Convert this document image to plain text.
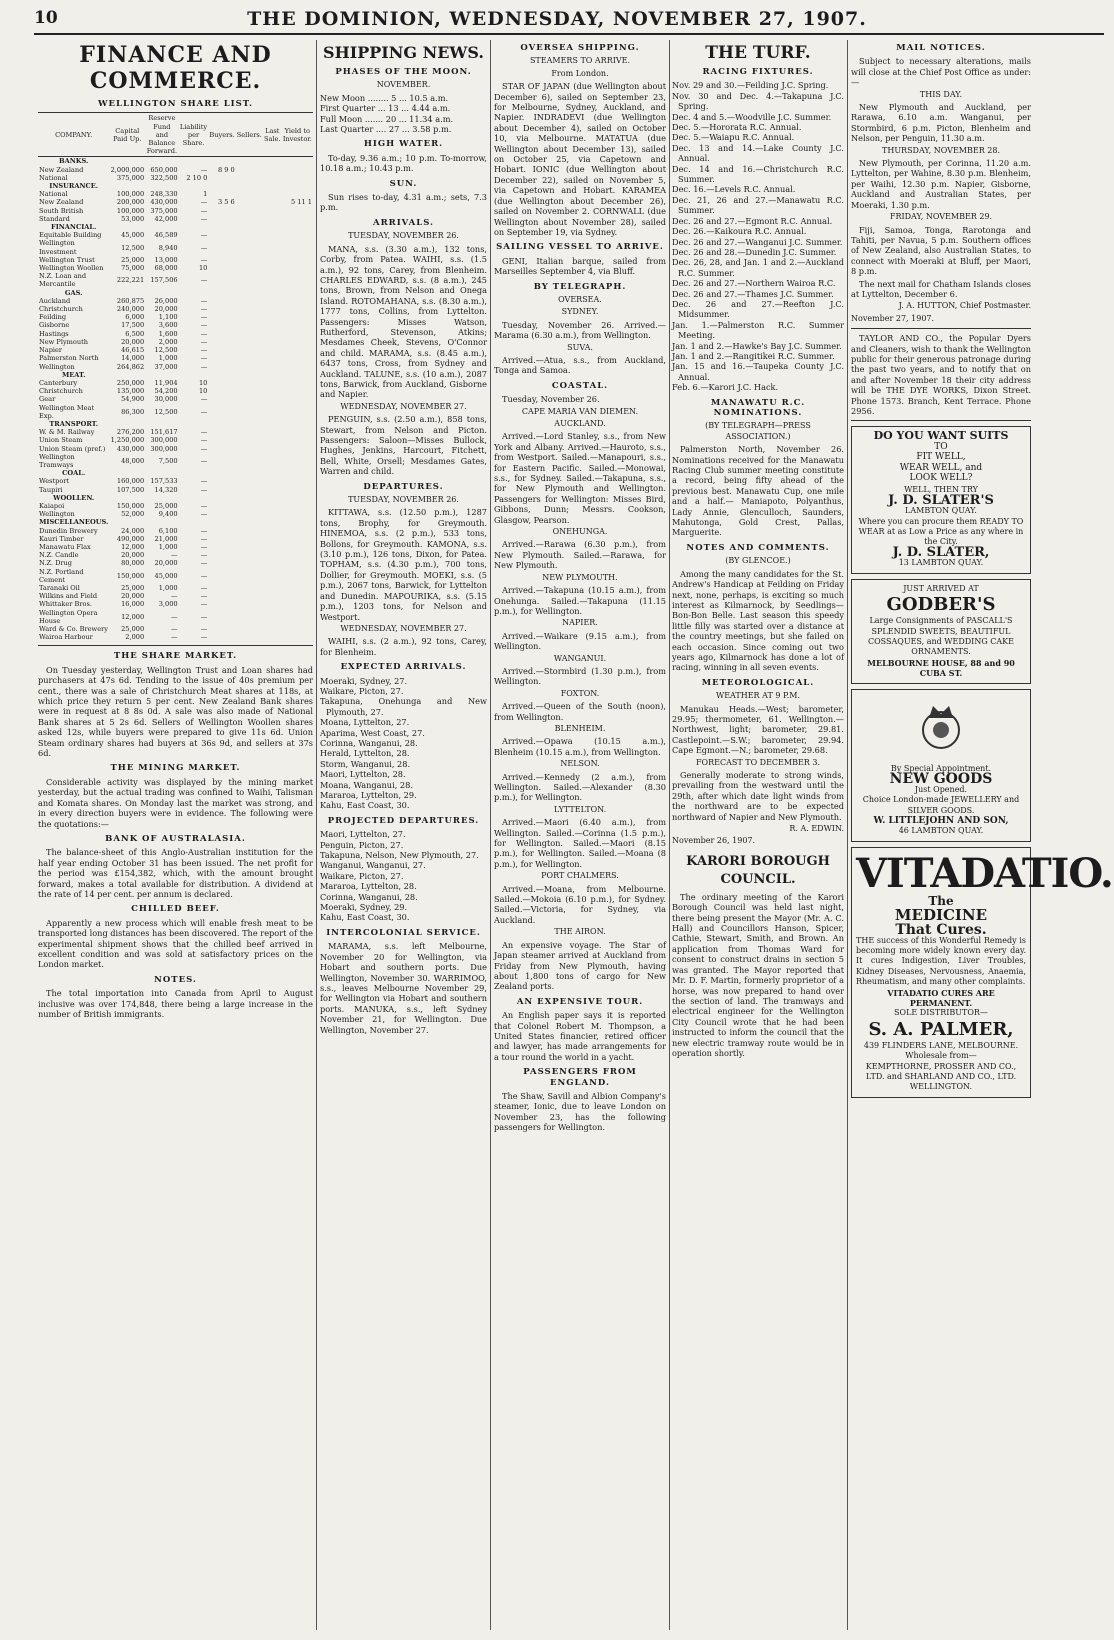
10	THE DOMINION, WEDNESDAY, NOVEMBER 27, 1907.
FINANCE AND COMMERCE.
WELLINGTON SHARE LIST.
COMPANY.	Capital Paid Up.	Reserve Fund and Balance Forward.	Liability per Share.	Buyers.	Sellers.	Last Sale.	Yield to Investor.
BANKS.							
New Zealand	2,000,000	650,000	—	8 9 0			
National	375,000	322,500	2 10 0				
INSURANCE.							
National	100,000	248,330	1				
New Zealand	200,000	430,000	—	3 5 6			5 11 1
South British	100,000	375,000	—				
Standard	53,000	42,000	—				
FINANCIAL.							
Equitable Building	45,000	46,589	—				
Wellington Investment	12,500	8,940	—				
Wellington Trust	25,000	13,000	—				
Wellington Woollen	75,000	68,000	10				
N.Z. Loan and Mercantile	222,221	157,506	—				
GAS.							
Auckland	260,875	26,000	—				
Christchurch	240,000	20,000	—				
Feilding	6,000	1,100	—				
Gisborne	17,500	3,600	—				
Hastings	6,500	1,600	—				
New Plymouth	20,000	2,000	—				
Napier	46,615	12,500	—				
Palmerston North	14,000	1,000	—				
Wellington	264,862	37,000	—				
MEAT.							
Canterbury	250,000	11,904	10				
Christchurch	135,000	54,200	10				
Gear	54,900	30,000	—				
Wellington Meat Exp.	86,300	12,500	—				
TRANSPORT.							
W. & M. Railway	276,200	151,617	—				
Union Steam	1,250,000	300,000	—				
Union Steam (pref.)	430,000	300,000	—				
Wellington Tramways	48,000	7,500	—				
COAL.							
Westport	160,000	157,533	—				
Taupiri	107,500	14,320	—				
WOOLLEN.							
Kaiapoi	150,000	25,000	—				
Wellington	52,000	9,400	—				
MISCELLANEOUS.							
Dunedin Brewery	24,000	6,100	—				
Kauri Timber	490,000	21,000	—				
Manawatu Flax	12,000	1,000	—				
N.Z. Candle	20,000	—	—				
N.Z. Drug	80,000	20,000	—				
N.Z. Portland Cement	150,000	45,000	—				
Taranaki Oil	25,000	1,000	—				
Wilkins and Field	20,000	—	—				
Whittaker Bros.	16,000	3,000	—				
Wellington Opera House	12,000	—	—				
Ward & Co. Brewery	25,000	—	—				
Wairoa Harbour	2,000	—	—				
THE SHARE MARKET.

On Tuesday yesterday, Wellington Trust and Loan shares had purchasers at 47s 6d. Tending to the issue of 40s premium per cent., there was a sale of Christchurch Meat shares at 118s, at which price they return 5 per cent. New Zealand Bank shares were in request at 8 8s 0d. A sale was also made of National Bank shares at 5 2s 6d. Sellers of Wellington Woollen shares asked 12s, while buyers were prepared to give 11s 6d. Union Steam ordinary shares had buyers at 36s 9d, and sellers at 37s 6d.

THE MINING MARKET.

Considerable activity was displayed by the mining market yesterday, but the actual trading was confined to Waihi, Talisman and Komata shares. On Monday last the market was strong, and in every direction buyers were in evidence. The following were the quotations:—

BANK OF AUSTRALASIA.

The balance-sheet of this Anglo-Australian institution for the half year ending October 31 has been issued. The net profit for the period was £154,382, which, with the amount brought forward, makes a total available for distribution. A dividend at the rate of 14 per cent. per annum is declared.

CHILLED BEEF.

Apparently a new process which will enable fresh meat to be transported long distances has been discovered. The report of the experimental shipment shows that the chilled beef arrived in excellent condition and was sold at satisfactory prices on the London market.

NOTES.

The total importation into Canada from April to August inclusive was over 174,848, there being a large increase in the number of British immigrants.

SHIPPING NEWS.
PHASES OF THE MOON.
NOVEMBER.
New Moon ........ 5 ... 10.5 a.m.
First Quarter ... 13 ... 4.44 a.m.
Full Moon ....... 20 ... 11.34 a.m.
Last Quarter .... 27 ... 3.58 p.m.
HIGH WATER.

To-day, 9.36 a.m.; 10 p.m. To-morrow, 10.18 a.m.; 10.43 p.m.

SUN.

Sun rises to-day, 4.31 a.m.; sets, 7.3 p.m.

ARRIVALS.
TUESDAY, NOVEMBER 26.

MANA, s.s. (3.30 a.m.), 132 tons, Corby, from Patea. WAIHI, s.s. (1.5 a.m.), 92 tons, Carey, from Blenheim. CHARLES EDWARD, s.s. (8 a.m.), 245 tons, Brown, from Nelson and Onega Island. ROTOMAHANA, s.s. (8.30 a.m.), 1777 tons, Collins, from Lyttelton. Passengers: Misses Watson, Rutherford, Stevenson, Atkins; Mesdames Cheek, Stevens, O'Connor and child. MARAMA, s.s. (8.45 a.m.), 6437 tons, Cross, from Sydney and Auckland. TALUNE, s.s. (10 a.m.), 2087 tons, Barwick, from Auckland, Gisborne and Napier.

WEDNESDAY, NOVEMBER 27.

PENGUIN, s.s. (2.50 a.m.), 858 tons, Stewart, from Nelson and Picton. Passengers: Saloon—Misses Bullock, Hughes, Jenkins, Harcourt, Fitchett, Bell, White, Orsell; Mesdames Gates, Warren and child.

DEPARTURES.
TUESDAY, NOVEMBER 26.

KITTAWA, s.s. (12.50 p.m.), 1287 tons, Brophy, for Greymouth. HINEMOA, s.s. (2 p.m.), 533 tons, Bollons, for Greymouth. KAMONA, s.s. (3.10 p.m.), 126 tons, Dixon, for Patea. TOPHAM, s.s. (4.30 p.m.), 700 tons, Dollier, for Greymouth. MOEKI, s.s. (5 p.m.), 2067 tons, Barwick, for Lyttelton and Dunedin. MAPOURIKA, s.s. (5.15 p.m.), 1203 tons, for Nelson and Westport.

WEDNESDAY, NOVEMBER 27.

WAIHI, s.s. (2 a.m.), 92 tons, Carey, for Blenheim.

EXPECTED ARRIVALS.
Moeraki, Sydney, 27.
Waikare, Picton, 27.
Takapuna, Onehunga and New Plymouth, 27.
Moana, Lyttelton, 27.
Aparima, West Coast, 27.
Corinna, Wanganui, 28.
Herald, Lyttelton, 28.
Storm, Wanganui, 28.
Maori, Lyttelton, 28.
Moana, Wanganui, 28.
Mararoa, Lyttelton, 29.
Kahu, East Coast, 30.
PROJECTED DEPARTURES.
Maori, Lyttelton, 27.
Penguin, Picton, 27.
Takapuna, Nelson, New Plymouth, 27.
Wanganui, Wanganui, 27.
Waikare, Picton, 27.
Mararoa, Lyttelton, 28.
Corinna, Wanganui, 28.
Moeraki, Sydney, 29.
Kahu, East Coast, 30.
INTERCOLONIAL SERVICE.

MARAMA, s.s. left Melbourne, November 20 for Wellington, via Hobart and southern ports. Due Wellington, November 30. WARRIMOO, s.s., leaves Melbourne November 29, for Wellington via Hobart and southern ports. MANUKA, s.s., left Sydney November 21, for Wellington. Due Wellington, November 27.

OVERSEA SHIPPING.
STEAMERS TO ARRIVE.
From London.

STAR OF JAPAN (due Wellington about December 6), sailed on September 23, for Melbourne, Sydney, Auckland, and Napier. INDRADEVI (due Wellington about December 4), sailed on October 10, via Melbourne. MATATUA (due Wellington about December 13), sailed on October 25, via Capetown and Hobart. IONIC (due Wellington about December 22), sailed on November 5, via Capetown and Hobart. KARAMEA (due Wellington about December 26), sailed on November 2. CORNWALL (due Wellington about November 28), sailed on September 19, via Sydney.

SAILING VESSEL TO ARRIVE.

GENI, Italian barque, sailed from Marseilles September 4, via Bluff.

BY TELEGRAPH.
OVERSEA.
SYDNEY.

Tuesday, November 26. Arrived.—Marama (6.30 a.m.), from Wellington.

SUVA.

Arrived.—Atua, s.s., from Auckland, Tonga and Samoa.

COASTAL.

Tuesday, November 26.

CAPE MARIA VAN DIEMEN.
AUCKLAND.

Arrived.—Lord Stanley, s.s., from New York and Albany. Arrived.—Hauroto, s.s., from Westport. Sailed.—Manapouri, s.s., for Eastern Pacific. Sailed.—Monowai, s.s., for Sydney. Sailed.—Takapuna, s.s., for New Plymouth and Wellington. Passengers for Wellington: Misses Bird, Gibbons, Dunn; Messrs. Cookson, Glasgow, Pearson.

ONEHUNGA.

Arrived.—Rarawa (6.30 p.m.), from New Plymouth. Sailed.—Rarawa, for New Plymouth.

NEW PLYMOUTH.

Arrived.—Takapuna (10.15 a.m.), from Onehunga. Sailed.—Takapuna (11.15 p.m.), for Wellington.

NAPIER.

Arrived.—Waikare (9.15 a.m.), from Wellington.

WANGANUI.

Arrived.—Stormbird (1.30 p.m.), from Wellington.

FOXTON.

Arrived.—Queen of the South (noon), from Wellington.

BLENHEIM.

Arrived.—Opawa (10.15 a.m.), Blenheim (10.15 a.m.), from Wellington.

NELSON.

Arrived.—Kennedy (2 a.m.), from Wellington. Sailed.—Alexander (8.30 p.m.), for Wellington.

LYTTELTON.

Arrived.—Maori (6.40 a.m.), from Wellington. Sailed.—Corinna (1.5 p.m.), for Wellington. Sailed.—Maori (8.15 p.m.), for Wellington. Sailed.—Moana (8 p.m.), for Wellington.

PORT CHALMERS.

Arrived.—Moana, from Melbourne. Sailed.—Mokoia (6.10 p.m.), for Sydney. Sailed.—Victoria, for Sydney, via Auckland.

THE AIRON.

An expensive voyage. The Star of Japan steamer arrived at Auckland from Friday from New Plymouth, having about 1,800 tons of cargo for New Zealand ports.

AN EXPENSIVE TOUR.

An English paper says it is reported that Colonel Robert M. Thompson, a United States financier, retired officer and lawyer, has made arrangements for a tour round the world in a yacht.

PASSENGERS FROM ENGLAND.

The Shaw, Savill and Albion Company's steamer, Ionic, due to leave London on November 23, has the following passengers for Wellington.

THE TURF.
RACING FIXTURES.
Nov. 29 and 30.—Feilding J.C. Spring.
Nov. 30 and Dec. 4.—Takapuna J.C. Spring.
Dec. 4 and 5.—Woodville J.C. Summer.
Dec. 5.—Hororata R.C. Annual.
Dec. 5.—Waiapu R.C. Annual.
Dec. 13 and 14.—Lake County J.C. Annual.
Dec. 14 and 16.—Christchurch R.C. Summer.
Dec. 16.—Levels R.C. Annual.
Dec. 21, 26 and 27.—Manawatu R.C. Summer.
Dec. 26 and 27.—Egmont R.C. Annual.
Dec. 26.—Kaikoura R.C. Annual.
Dec. 26 and 27.—Wanganui J.C. Summer.
Dec. 26 and 28.—Dunedin J.C. Summer.
Dec. 26, 28, and Jan. 1 and 2.—Auckland R.C. Summer.
Dec. 26 and 27.—Northern Wairoa R.C.
Dec. 26 and 27.—Thames J.C. Summer.
Dec. 26 and 27.—Reefton J.C. Midsummer.
Jan. 1.—Palmerston R.C. Summer Meeting.
Jan. 1 and 2.—Hawke's Bay J.C. Summer.
Jan. 1 and 2.—Rangitikei R.C. Summer.
Jan. 15 and 16.—Taupeka County J.C. Annual.
Feb. 6.—Karori J.C. Hack.
MANAWATU R.C. NOMINATIONS.
(BY TELEGRAPH—PRESS ASSOCIATION.)

Palmerston North, November 26. Nominations received for the Manawatu Racing Club summer meeting constitute a record, being fifty ahead of the previous best. Manawatu Cup, one mile and a half.— Maniapoto, Polyanthus, Lady Annie, Glenculloch, Saunders, Mahutonga, Gold Crest, Pallas, Marguerite.

NOTES AND COMMENTS.
(BY GLENCOE.)

Among the many candidates for the St. Andrew's Handicap at Feilding on Friday next, none, perhaps, is exciting so much interest as Kilmarnock, by Seedlings—Bon-Bon Belle. Last season this speedy little filly was started over a distance at the country meetings, but she failed on each occasion. Since coming out two years ago, Kilmarnock has done a lot of racing, winning in all seven events.

METEOROLOGICAL.
WEATHER AT 9 P.M.

Manukau Heads.—West; barometer, 29.95; thermometer, 61. Wellington.—Northwest, light; barometer, 29.81. Castlepoint.—S.W.; barometer, 29.94. Cape Egmont.—N.; barometer, 29.68.

FORECAST TO DECEMBER 3.

Generally moderate to strong winds, prevailing from the westward until the 29th, after which date light winds from the northward are to be expected northward of Napier and New Plymouth.

R. A. EDWIN.
November 26, 1907.
KARORI BOROUGH COUNCIL.

The ordinary meeting of the Karori Borough Council was held last night, there being present the Mayor (Mr. A. C. Hall) and Councillors Hanson, Spicer, Cathie, Stewart, Smith, and Brown. An application from Thomas Ward for consent to construct drains in section 5 was granted. The Mayor reported that Mr. D. F. Martin, formerly proprietor of a horse, was now prepared to hand over the section of land. The tramways and electrical engineer for the Wellington City Council wrote that he had been instructed to inform the council that the new electric tramway route would be in operation shortly.

MAIL NOTICES.

Subject to necessary alterations, mails will close at the Chief Post Office as under:—

THIS DAY.

New Plymouth and Auckland, per Rarawa, 6.10 a.m. Wanganui, per Stormbird, 6 p.m. Picton, Blenheim and Nelson, per Penguin, 11.30 a.m.

THURSDAY, NOVEMBER 28.

New Plymouth, per Corinna, 11.20 a.m. Lyttelton, per Wahine, 8.30 p.m. Blenheim, per Waihi, 12.30 p.m. Napier, Gisborne, Auckland and Australian States, per Moeraki, 1.30 p.m.

FRIDAY, NOVEMBER 29.

Fiji, Samoa, Tonga, Rarotonga and Tahiti, per Navua, 5 p.m. Southern offices of New Zealand, also Australian States, to connect with Moeraki at Bluff, per Maori, 8 p.m.

The next mail for Chatham Islands closes at Lyttelton, December 6.

J. A. HUTTON, Chief Postmaster.
November 27, 1907.

TAYLOR AND CO., the Popular Dyers and Cleaners, wish to thank the Wellington public for their generous patronage during the past two years, and to notify that on and after November 18 their city address will be THE DYE WORKS, Dixon Street. Phone 1573. Branch, Kent Terrace. Phone 2956.

DO YOU WANT SUITS
TO
FIT WELL,
WEAR WELL, and
LOOK WELL?
WELL, THEN TRY
J. D. SLATER'S
LAMBTON QUAY.
Where you can procure them READY TO WEAR at as Low a Price as any where in the City.
J. D. SLATER,
13 LAMBTON QUAY.
JUST ARRIVED AT
GODBER'S
Large Consignments of PASCALL'S SPLENDID SWEETS, BEAUTIFUL COSSAQUES, and WEDDING CAKE ORNAMENTS.
MELBOURNE HOUSE, 88 and 90 CUBA ST.
By Special Appointment.
NEW GOODS
Just Opened.
Choice London-made JEWELLERY and SILVER GOODS.
W. LITTLEJOHN AND SON,
46 LAMBTON QUAY.
VITADATIO.
The
MEDICINE
That Cures.
THE success of this Wonderful Remedy is becoming more widely known every day. It cures Indigestion, Liver Troubles, Kidney Diseases, Nervousness, Anaemia, Rheumatism, and many other complaints.
VITADATIO CURES ARE PERMANENT.
SOLE DISTRIBUTOR—
S. A. PALMER,
439 FLINDERS LANE, MELBOURNE.
Wholesale from—
KEMPTHORNE, PROSSER AND CO., LTD. and SHARLAND AND CO., LTD. WELLINGTON.
